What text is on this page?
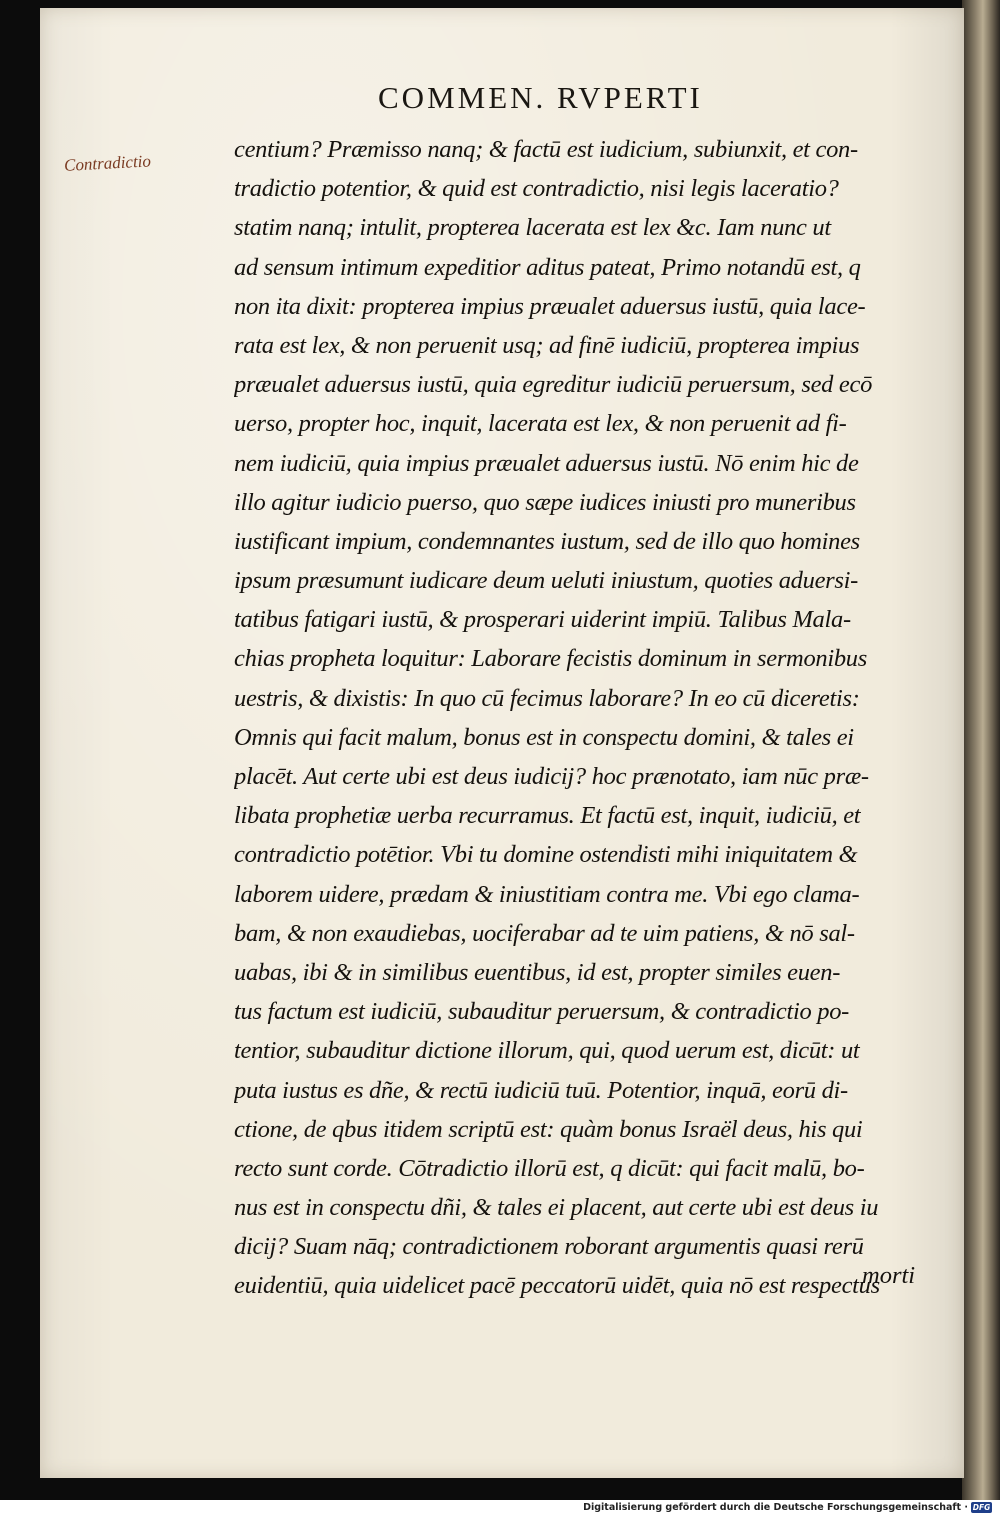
COMMEN. RVPERTI
Contradictio
centium? Præmisso nanq; & factū est iudicium, subiunxit, et con-
tradictio potentior, & quid est contradictio, nisi legis laceratio?
statim nanq; intulit, propterea lacerata est lex &c. Iam nunc ut
ad sensum intimum expeditior aditus pateat, Primo notandū est, q
non ita dixit: propterea impius præualet aduersus iustū, quia lace-
rata est lex, & non peruenit usq; ad finē iudiciū, propterea impius
præualet aduersus iustū, quia egreditur iudiciū peruersum, sed ecō
uerso, propter hoc, inquit, lacerata est lex, & non peruenit ad fi-
nem iudiciū, quia impius præualet aduersus iustū. Nō enim hic de
illo agitur iudicio puerso, quo sæpe iudices iniusti pro muneribus
iustificant impium, condemnantes iustum, sed de illo quo homines
ipsum præsumunt iudicare deum ueluti iniustum, quoties aduersi-
tatibus fatigari iustū, & prosperari uiderint impiū. Talibus Mala-
chias propheta loquitur: Laborare fecistis dominum in sermonibus
uestris, & dixistis: In quo cū fecimus laborare? In eo cū diceretis:
Omnis qui facit malum, bonus est in conspectu domini, & tales ei
placēt. Aut certe ubi est deus iudicij? hoc prænotato, iam nūc præ-
libata prophetiæ uerba recurramus. Et factū est, inquit, iudiciū, et
contradictio potētior. Vbi tu domine ostendisti mihi iniquitatem &
laborem uidere, prædam & iniustitiam contra me. Vbi ego clama-
bam, & non exaudiebas, uociferabar ad te uim patiens, & nō sal-
uabas, ibi & in similibus euentibus, id est, propter similes euen-
tus factum est iudiciū, subauditur peruersum, & contradictio po-
tentior, subauditur dictione illorum, qui, quod uerum est, dicūt: ut
puta iustus es dñe, & rectū iudiciū tuū. Potentior, inquā, eorū di-
ctione, de qbus itidem scriptū est: quàm bonus Israël deus, his qui
recto sunt corde. Cōtradictio illorū est, q dicūt: qui facit malū, bo-
nus est in conspectu dñi, & tales ei placent, aut certe ubi est deus iu
dicij? Suam nāq; contradictionem roborant argumentis quasi rerū
euidentiū, quia uidelicet pacē peccatorū uidēt, quia nō est respectus
morti
Digitalisierung gefördert durch die Deutsche Forschungsgemeinschaft · DFG
